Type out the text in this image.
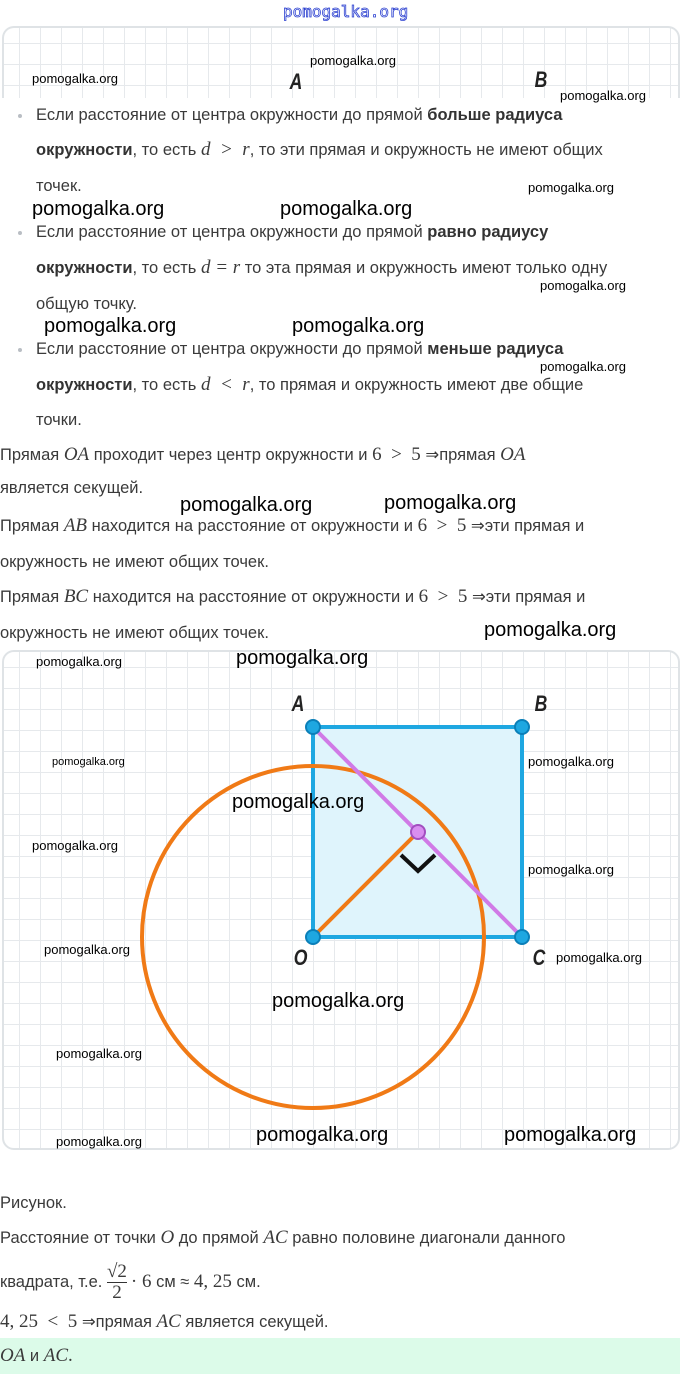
pomogalka.org
A	B
Если расстояние от центра окружности до прямой больше радиуса
окружности, то есть d  >  r, то эти прямая и окружность не имеют общих
точек.
Если расстояние от центра окружности до прямой равно радиусу
окружности, то есть d = r то эта прямая и окружность имеют только одну
общую точку.
Если расстояние от центра окружности до прямой меньше радиуса
окружности, то есть d  <  r, то прямая и окружность имеют две общие
точки.
Прямая OA проходит через центр окружности и 6  >  5 ⇒прямая OA
является секущей.
Прямая AB находится на расстояние от окружности и 6  >  5 ⇒эти прямая и
окружность не имеют общих точек.
Прямая BC находится на расстояние от окружности и 6  >  5 ⇒эти прямая и
окружность не имеют общих точек.
A	B
C
O
Рисунок.
Расстояние от точки O до прямой AC равно половине диагонали данного
квадрата, т.е. $\frac{√2}{2} \cdot 6$ см ≈ 4, 25 см.
4, 25  <  5 ⇒прямая AC является секущей.
OA и AC.
pomogalka.org
pomogalka.org
pomogalka.org
pomogalka.org
pomogalka.org	pomogalka.org
pomogalka.org
pomogalka.org	pomogalka.org
pomogalka.org
pomogalka.org	pomogalka.org
pomogalka.org
pomogalka.org	pomogalka.org
pomogalka.org	pomogalka.org
pomogalka.org
pomogalka.org
pomogalka.org
pomogalka.org
pomogalka.org
pomogalka.org
pomogalka.org
pomogalka.org	pomogalka.org	pomogalka.org
